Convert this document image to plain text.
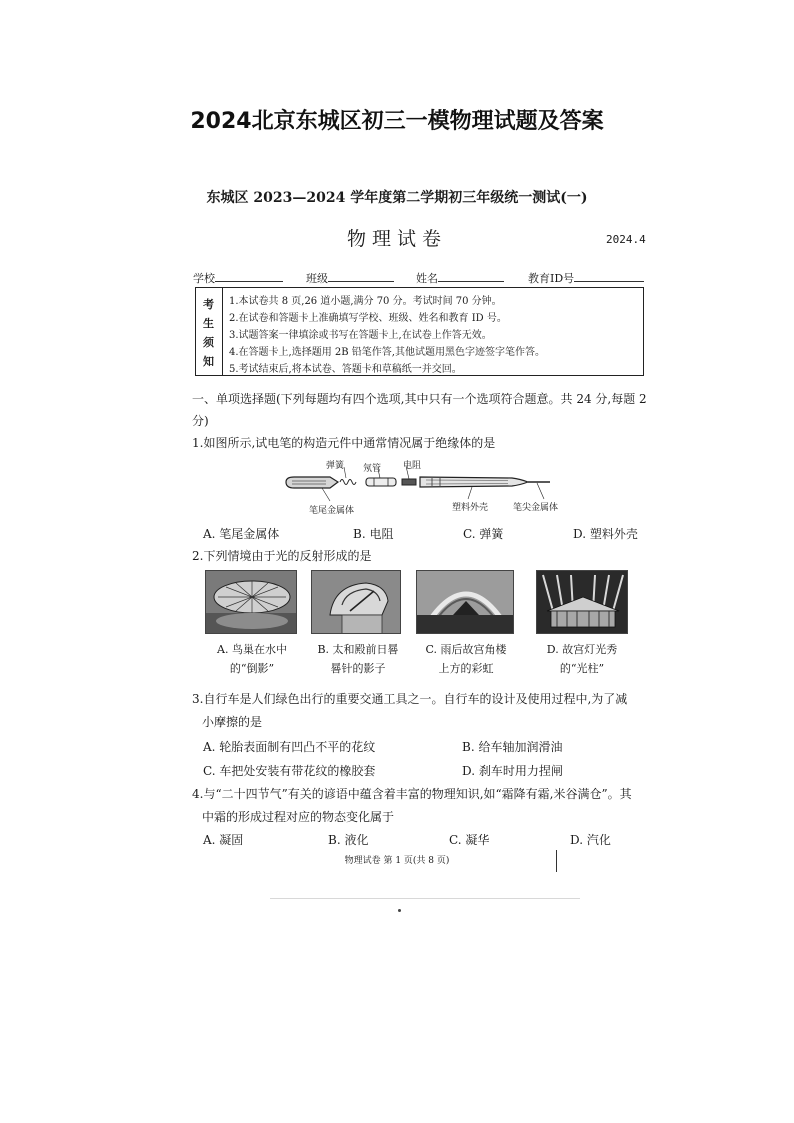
2024北京东城区初三一模物理试题及答案
东城区 2023—2024 学年度第二学期初三年级统一测试(一)
物理试卷	2024.4
学校	班级	姓名	教育ID号
考
生
须
知
1.本试卷共 8 页,26 道小题,满分 70 分。考试时间 70 分钟。
2.在试卷和答题卡上准确填写学校、班级、姓名和教育 ID 号。
3.试题答案一律填涂或书写在答题卡上,在试卷上作答无效。
4.在答题卡上,选择题用 2B 铅笔作答,其他试题用黑色字迹签字笔作答。
5.考试结束后,将本试卷、答题卡和草稿纸一并交回。
一、单项选择题(下列每题均有四个选项,其中只有一个选项符合题意。共 24 分,每题 2分)
1.如图所示,试电笔的构造元件中通常情况属于绝缘体的是
弹簧 氖管 电阻
笔尾金属体	塑料外壳	笔尖金属体
A. 笔尾金属体	B. 电阻	C. 弹簧	D. 塑料外壳
2.下列情境由于光的反射形成的是
A. 鸟巢在水中
的“倒影”
B. 太和殿前日晷
晷针的影子
C. 雨后故宫角楼
上方的彩虹
D. 故宫灯光秀
的“光柱”
3.自行车是人们绿色出行的重要交通工具之一。自行车的设计及使用过程中,为了减
小摩擦的是
A. 轮胎表面制有凹凸不平的花纹	B. 给车轴加润滑油
C. 车把处安装有带花纹的橡胶套	D. 刹车时用力捏闸
4.与“二十四节气”有关的谚语中蕴含着丰富的物理知识,如“霜降有霜,米谷满仓”。其
中霜的形成过程对应的物态变化属于
A. 凝固	B. 液化	C. 凝华	D. 汽化
物理试卷 第 1 页(共 8 页)
